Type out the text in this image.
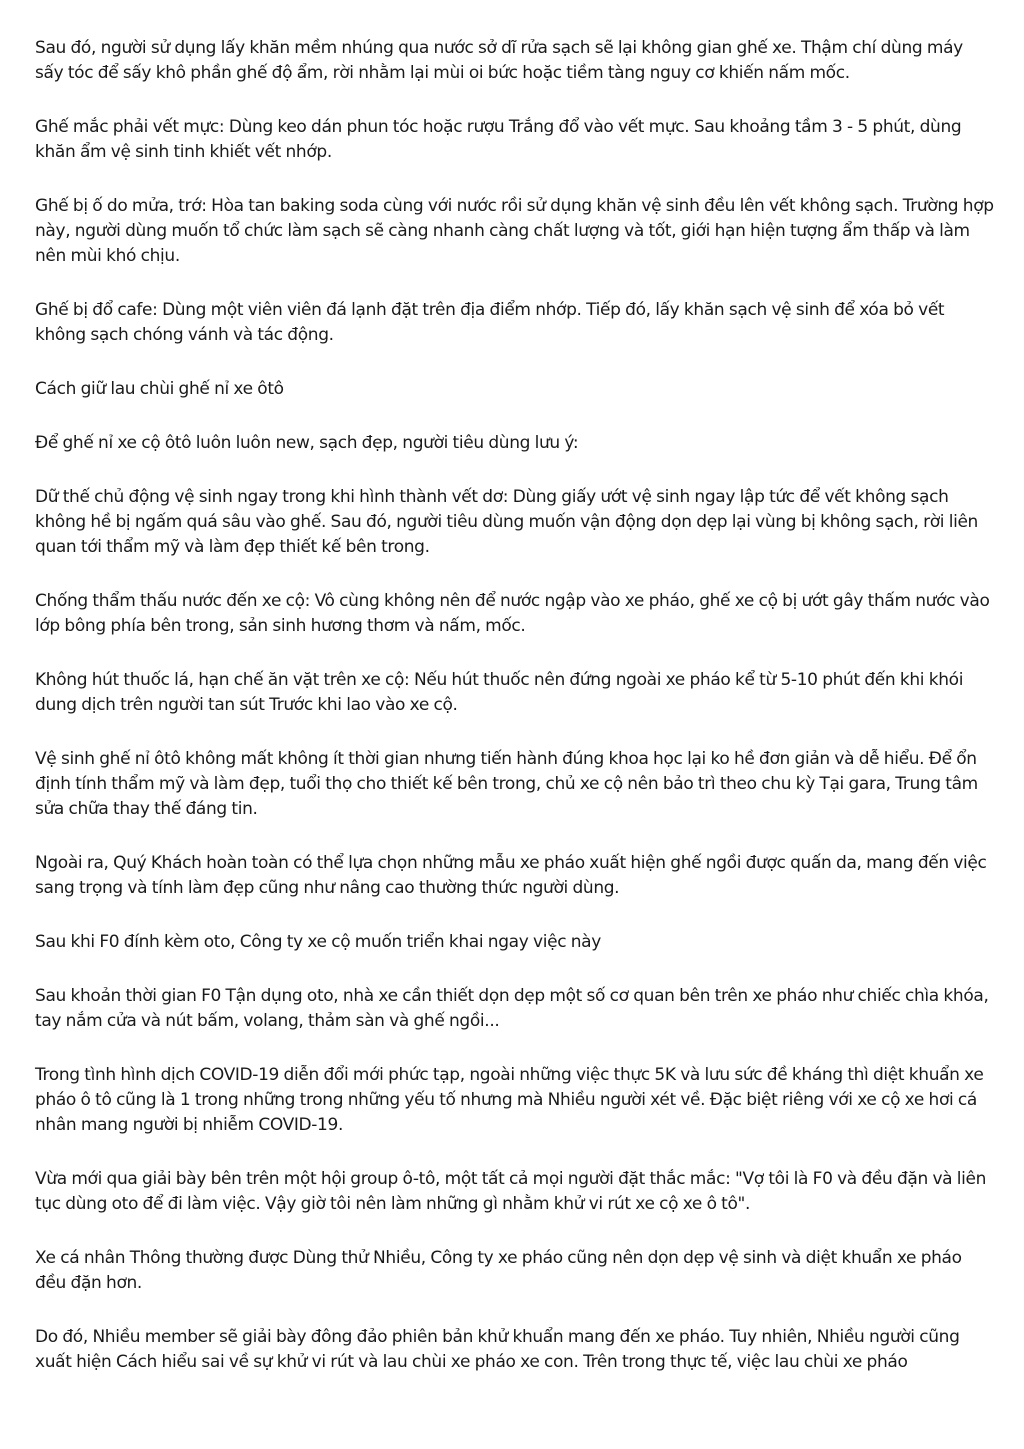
Sau đó, người sử dụng lấy khăn mềm nhúng qua nước sở dĩ rửa sạch sẽ lại không gian ghế xe. Thậm chí dùng máy sấy tóc để sấy khô phần ghế độ ẩm, rời nhằm lại mùi oi bức hoặc tiềm tàng nguy cơ khiến nấm mốc.

Ghế mắc phải vết mực: Dùng keo dán phun tóc hoặc rượu Trắng đổ vào vết mực. Sau khoảng tầm 3 - 5 phút, dùng khăn ẩm vệ sinh tinh khiết vết nhớp.

Ghế bị ố do mửa, trớ: Hòa tan baking soda cùng với nước rồi sử dụng khăn vệ sinh đều lên vết không sạch. Trường hợp này, người dùng muốn tổ chức làm sạch sẽ càng nhanh càng chất lượng và tốt, giới hạn hiện tượng ẩm thấp và làm nên mùi khó chịu.

Ghế bị đổ cafe: Dùng một viên viên đá lạnh đặt trên địa điểm nhớp. Tiếp đó, lấy khăn sạch vệ sinh để xóa bỏ vết không sạch chóng vánh và tác động.

Cách giữ lau chùi ghế nỉ xe ôtô

Để ghế nỉ xe cộ ôtô luôn luôn new, sạch đẹp, người tiêu dùng lưu ý:

Dữ thế chủ động vệ sinh ngay trong khi hình thành vết dơ: Dùng giấy ướt vệ sinh ngay lập tức để vết không sạch không hề bị ngấm quá sâu vào ghế. Sau đó, người tiêu dùng muốn vận động dọn dẹp lại vùng bị không sạch, rời liên quan tới thẩm mỹ và làm đẹp thiết kế bên trong.

Chống thẩm thấu nước đến xe cộ: Vô cùng không nên để nước ngập vào xe pháo, ghế xe cộ bị ướt gây thấm nước vào lớp bông phía bên trong, sản sinh hương thơm và nấm, mốc.

Không hút thuốc lá, hạn chế ăn vặt trên xe cộ: Nếu hút thuốc nên đứng ngoài xe pháo kể từ 5-10 phút đến khi khói dung dịch trên người tan sút Trước khi lao vào xe cộ.

Vệ sinh ghế nỉ ôtô không mất không ít thời gian nhưng tiến hành đúng khoa học lại ko hề đơn giản và dễ hiểu. Để ổn định tính thẩm mỹ và làm đẹp, tuổi thọ cho thiết kế bên trong, chủ xe cộ nên bảo trì theo chu kỳ Tại gara, Trung tâm sửa chữa thay thế đáng tin.

Ngoài ra, Quý Khách hoàn toàn có thể lựa chọn những mẫu xe pháo xuất hiện ghế ngồi được quấn da, mang đến việc sang trọng và tính làm đẹp cũng như nâng cao thường thức người dùng.

Sau khi F0 đính kèm oto, Công ty xe cộ muốn triển khai ngay việc này

Sau khoản thời gian F0 Tận dụng oto, nhà xe cần thiết dọn dẹp một số cơ quan bên trên xe pháo như chiếc chìa khóa, tay nắm cửa và nút bấm, volang, thảm sàn và ghế ngồi...

Trong tình hình dịch COVID-19 diễn đổi mới phức tạp, ngoài những việc thực 5K và lưu sức đề kháng thì diệt khuẩn xe pháo ô tô cũng là 1 trong những trong những yếu tố nhưng mà Nhiều người xét về. Đặc biệt riêng với xe cộ xe hơi cá nhân mang người bị nhiễm COVID-19.

Vừa mới qua giải bày bên trên một hội group ô-tô, một tất cả mọi người đặt thắc mắc: "Vợ tôi là F0 và đều đặn và liên tục dùng oto để đi làm việc. Vậy giờ tôi nên làm những gì nhằm khử vi rút xe cộ xe ô tô".

Xe cá nhân Thông thường được Dùng thử Nhiều, Công ty xe pháo cũng nên dọn dẹp vệ sinh và diệt khuẩn xe pháo đều đặn hơn.

Do đó, Nhiều member sẽ giải bày đông đảo phiên bản khử khuẩn mang đến xe pháo. Tuy nhiên, Nhiều người cũng xuất hiện Cách hiểu sai về sự khử vi rút và lau chùi xe pháo xe con. Trên trong thực tế, việc lau chùi xe pháo
